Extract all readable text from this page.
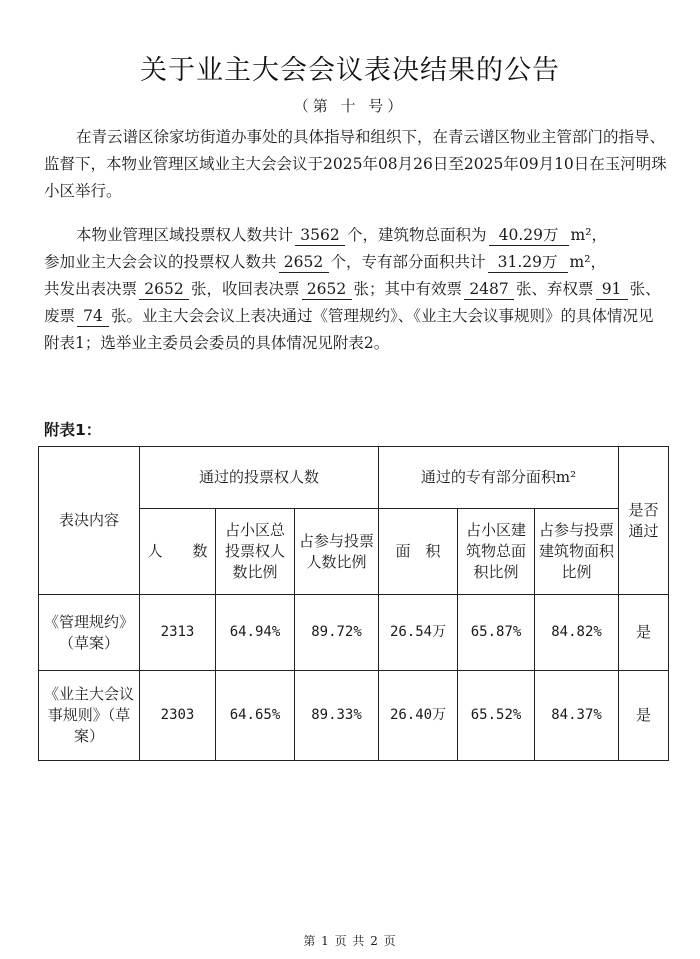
关于业主大会会议表决结果的公告
（第 十 号）
在青云谱区徐家坊街道办事处的具体指导和组织下，在青云谱区物业主管部门的指导、监督下，本物业管理区域业主大会会议于2025年08月26日至2025年09月10日在玉河明珠小区举行。
本物业管理区域投票权人数共计 3562 个，建筑物总面积为 40.29万 m²，
参加业主大会会议的投票权人数共 2652 个，专有部分面积共计 31.29万 m²，
共发出表决票 2652 张，收回表决票 2652 张；其中有效票 2487 张、弃权票 91 张、废票 74 张。业主大会会议上表决通过《管理规约》、《业主大会议事规则》的具体情况见附表1；选举业主委员会委员的具体情况见附表2。
附表1：
表决内容	通过的投票权人数			通过的专有部分面积m²			是否通过
	人　　数	占小区总投票权人数比例	占参与投票人数比例	面　积	占小区建筑物总面积比例	占参与投票建筑物面积比例	
《管理规约》（草案）	2313	64.94%	89.72%	26.54万	65.87%	84.82%	是
《业主大会议事规则》（草案）	2303	64.65%	89.33%	26.40万	65.52%	84.37%	是
第 1 页 共 2 页
